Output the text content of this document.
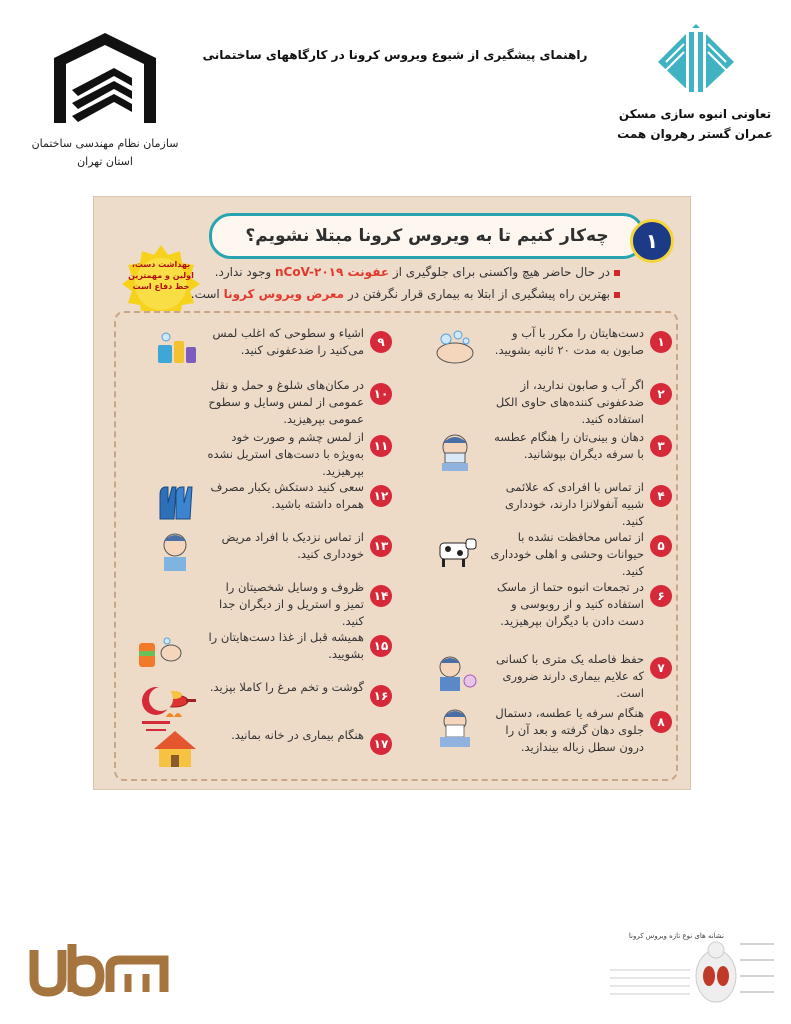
سازمان نظام مهندسی ساختمان
استان تهران
راهنمای پیشگیری از شیوع ویروس کرونا در کارگاههای ساختمانی
تعاونی انبوه سازی مسکن
عمران گستر رهروان همت
چه‌کار کنیم تا به ویروس کرونا مبتلا نشویم؟	۱
بهداشت دست، اولین و مهمترین خط دفاع است
در حال حاضر هیچ واکسنی برای جلوگیری از عفونت nCoV-۲۰۱۹ وجود ندارد.
بهترین راه پیشگیری از ابتلا به بیماری قرار نگرفتن در معرض ویروس کرونا است.
۱
دست‌هایتان را مکرر با آب و صابون به مدت ۲۰ ثانیه بشویید.
۲
اگر آب و صابون ندارید، از ضدعفونی کننده‌های حاوی الکل استفاده کنید.
۳
دهان و بینی‌تان را هنگام عطسه با سرفه دیگران بپوشانید.
۴
از تماس با افرادی که علائمی شبیه آنفولانزا دارند، خودداری کنید.
۵
از تماس محافظت نشده با حیوانات وحشی و اهلی خودداری کنید.
۶
در تجمعات انبوه حتما از ماسک استفاده کنید و از روبوسی و دست دادن با دیگران بپرهیزید.
۷
حفظ فاصله یک متری با کسانی که علایم بیماری دارند ضروری است.
۸
هنگام سرفه یا عطسه، دستمال جلوی دهان گرفته و بعد آن را درون سطل زباله بیندازید.
۹
اشیاء و سطوحی که اغلب لمس می‌کنید را ضدعفونی کنید.
۱۰
در مکان‌های شلوغ و حمل و نقل عمومی از لمس وسایل و سطوح عمومی بپرهیزید.
۱۱
از لمس چشم و صورت خود به‌ویژه با دست‌های استریل نشده بپرهیزید.
۱۲
سعی کنید دستکش یکبار مصرف همراه داشته باشید.
۱۳
از تماس نزدیک با افراد مریض خودداری کنید.
۱۴
ظروف و وسایل شخصیتان را تمیز و استریل و از دیگران جدا کنید.
۱۵
همیشه قبل از غذا دست‌هایتان را بشویید.
۱۶
گوشت و تخم مرغ را کاملا بپزید.
۱۷
هنگام بیماری در خانه بمانید.
نشانه های نوع تازه ویروس کرونا
